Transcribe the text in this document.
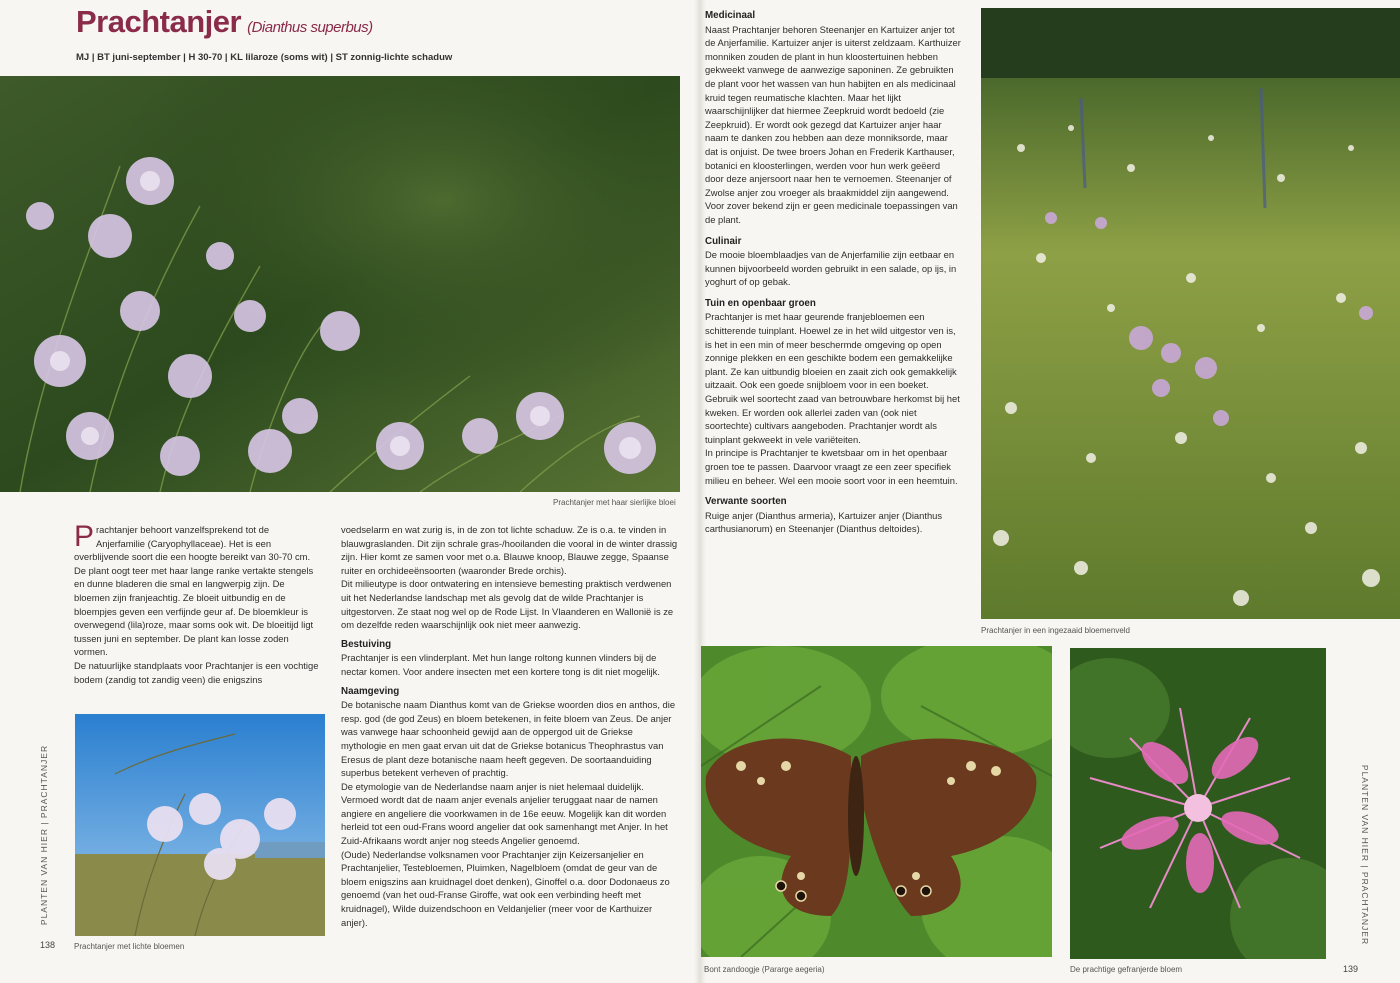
Prachtanjer (Dianthus superbus)
MJ | BT juni-september | H 30-70 | KL lilaroze (soms wit) | ST zonnig-lichte schaduw
Prachtanjer met haar sierlijke bloei

Prachtanjer behoort vanzelfsprekend tot de Anjerfamilie (Caryophyllaceae). Het is een overblijvende soort die een hoogte bereikt van 30-70 cm. De plant oogt teer met haar lange ranke vertakte stengels en dunne bladeren die smal en langwerpig zijn. De bloemen zijn franjeachtig. Ze bloeit uitbundig en de bloempjes geven een verfijnde geur af. De bloemkleur is overwegend (lila)roze, maar soms ook wit. De bloeitijd ligt tussen juni en september. De plant kan losse zoden vormen.

De natuurlijke standplaats voor Prachtanjer is een vochtige bodem (zandig tot zandig veen) die enigszins

Prachtanjer met lichte bloemen

voedselarm en wat zurig is, in de zon tot lichte schaduw. Ze is o.a. te vinden in blauwgraslanden. Dit zijn schrale gras-/hooilanden die vooral in de winter drassig zijn. Hier komt ze samen voor met o.a. Blauwe knoop, Blauwe zegge, Spaanse ruiter en orchideeënsoorten (waaronder Brede orchis).

Dit milieutype is door ontwatering en intensieve bemesting praktisch verdwenen uit het Nederlandse landschap met als gevolg dat de wilde Prachtanjer is uitgestorven. Ze staat nog wel op de Rode Lijst. In Vlaanderen en Wallonië is ze om dezelfde reden waarschijnlijk ook niet meer aanwezig.

Bestuiving

Prachtanjer is een vlinderplant. Met hun lange roltong kunnen vlinders bij de nectar komen. Voor andere insecten met een kortere tong is dit niet mogelijk.

Naamgeving

De botanische naam Dianthus komt van de Griekse woorden dios en anthos, die resp. god (de god Zeus) en bloem betekenen, in feite bloem van Zeus. De anjer was vanwege haar schoonheid gewijd aan de oppergod uit de Griekse mythologie en men gaat ervan uit dat de Griekse botanicus Theophrastus van Eresus de plant deze botanische naam heeft gegeven. De soortaanduiding superbus betekent verheven of prachtig.

De etymologie van de Nederlandse naam anjer is niet helemaal duidelijk. Vermoed wordt dat de naam anjer evenals anjelier teruggaat naar de namen angiere en angeliere die voorkwamen in de 16e eeuw. Mogelijk kan dit worden herleid tot een oud-Frans woord angelier dat ook samenhangt met Anjer. In het Zuid-Afrikaans wordt anjer nog steeds Angelier genoemd.

(Oude) Nederlandse volksnamen voor Prachtanjer zijn Keizersanjelier en Prachtanjelier, Testebloemen, Pluimken, Nagelbloem (omdat de geur van de bloem enigszins aan kruidnagel doet denken), Ginoffel o.a. door Dodonaeus zo genoemd (van het oud-Franse Giroffe, wat ook een verbinding heeft met kruidnagel), Wilde duizendschoon en Veldanjelier (meer voor de Karthuizer anjer).

PLANTEN VAN HIER | PRACHTANJER
138

Medicinaal

Naast Prachtanjer behoren Steenanjer en Kartuizer anjer tot de Anjerfamilie. Kartuizer anjer is uiterst zeldzaam. Karthuizer monniken zouden de plant in hun kloostertuinen hebben gekweekt vanwege de aanwezige saponinen. Ze gebruikten de plant voor het wassen van hun habijten en als medicinaal kruid tegen reumatische klachten. Maar het lijkt waarschijnlijker dat hiermee Zeepkruid wordt bedoeld (zie Zeepkruid). Er wordt ook gezegd dat Kartuizer anjer haar naam te danken zou hebben aan deze monniksorde, maar dat is onjuist. De twee broers Johan en Frederik Karthauser, botanici en kloosterlingen, werden voor hun werk geëerd door deze anjersoort naar hen te vernoemen. Steenanjer of Zwolse anjer zou vroeger als braakmiddel zijn aangewend. Voor zover bekend zijn er geen medicinale toepassingen van de plant.

Culinair

De mooie bloemblaadjes van de Anjerfamilie zijn eetbaar en kunnen bijvoorbeeld worden gebruikt in een salade, op ijs, in yoghurt of op gebak.

Tuin en openbaar groen

Prachtanjer is met haar geurende franjebloemen een schitterende tuinplant. Hoewel ze in het wild uitgestor ven is, is het in een min of meer beschermde omgeving op open zonnige plekken en een geschikte bodem een gemakkelijke plant. Ze kan uitbundig bloeien en zaait zich ook gemakkelijk uitzaait. Ook een goede snijbloem voor in een boeket. Gebruik wel soortecht zaad van betrouwbare herkomst bij het kweken. Er worden ook allerlei zaden van (ook niet soortechte) cultivars aangeboden. Prachtanjer wordt als tuinplant gekweekt in vele variëteiten.

In principe is Prachtanjer te kwetsbaar om in het openbaar groen toe te passen. Daarvoor vraagt ze een zeer specifiek milieu en beheer. Wel een mooie soort voor in een heemtuin.

Verwante soorten

Ruige anjer (Dianthus armeria), Kartuizer anjer (Dianthus carthusianorum) en Steenanjer (Dianthus deltoides).

Prachtanjer in een ingezaaid bloemenveld
Bont zandoogje (Pararge aegeria)	De prachtige gefranjerde bloem
PLANTEN VAN HIER | PRACHTANJER
139
